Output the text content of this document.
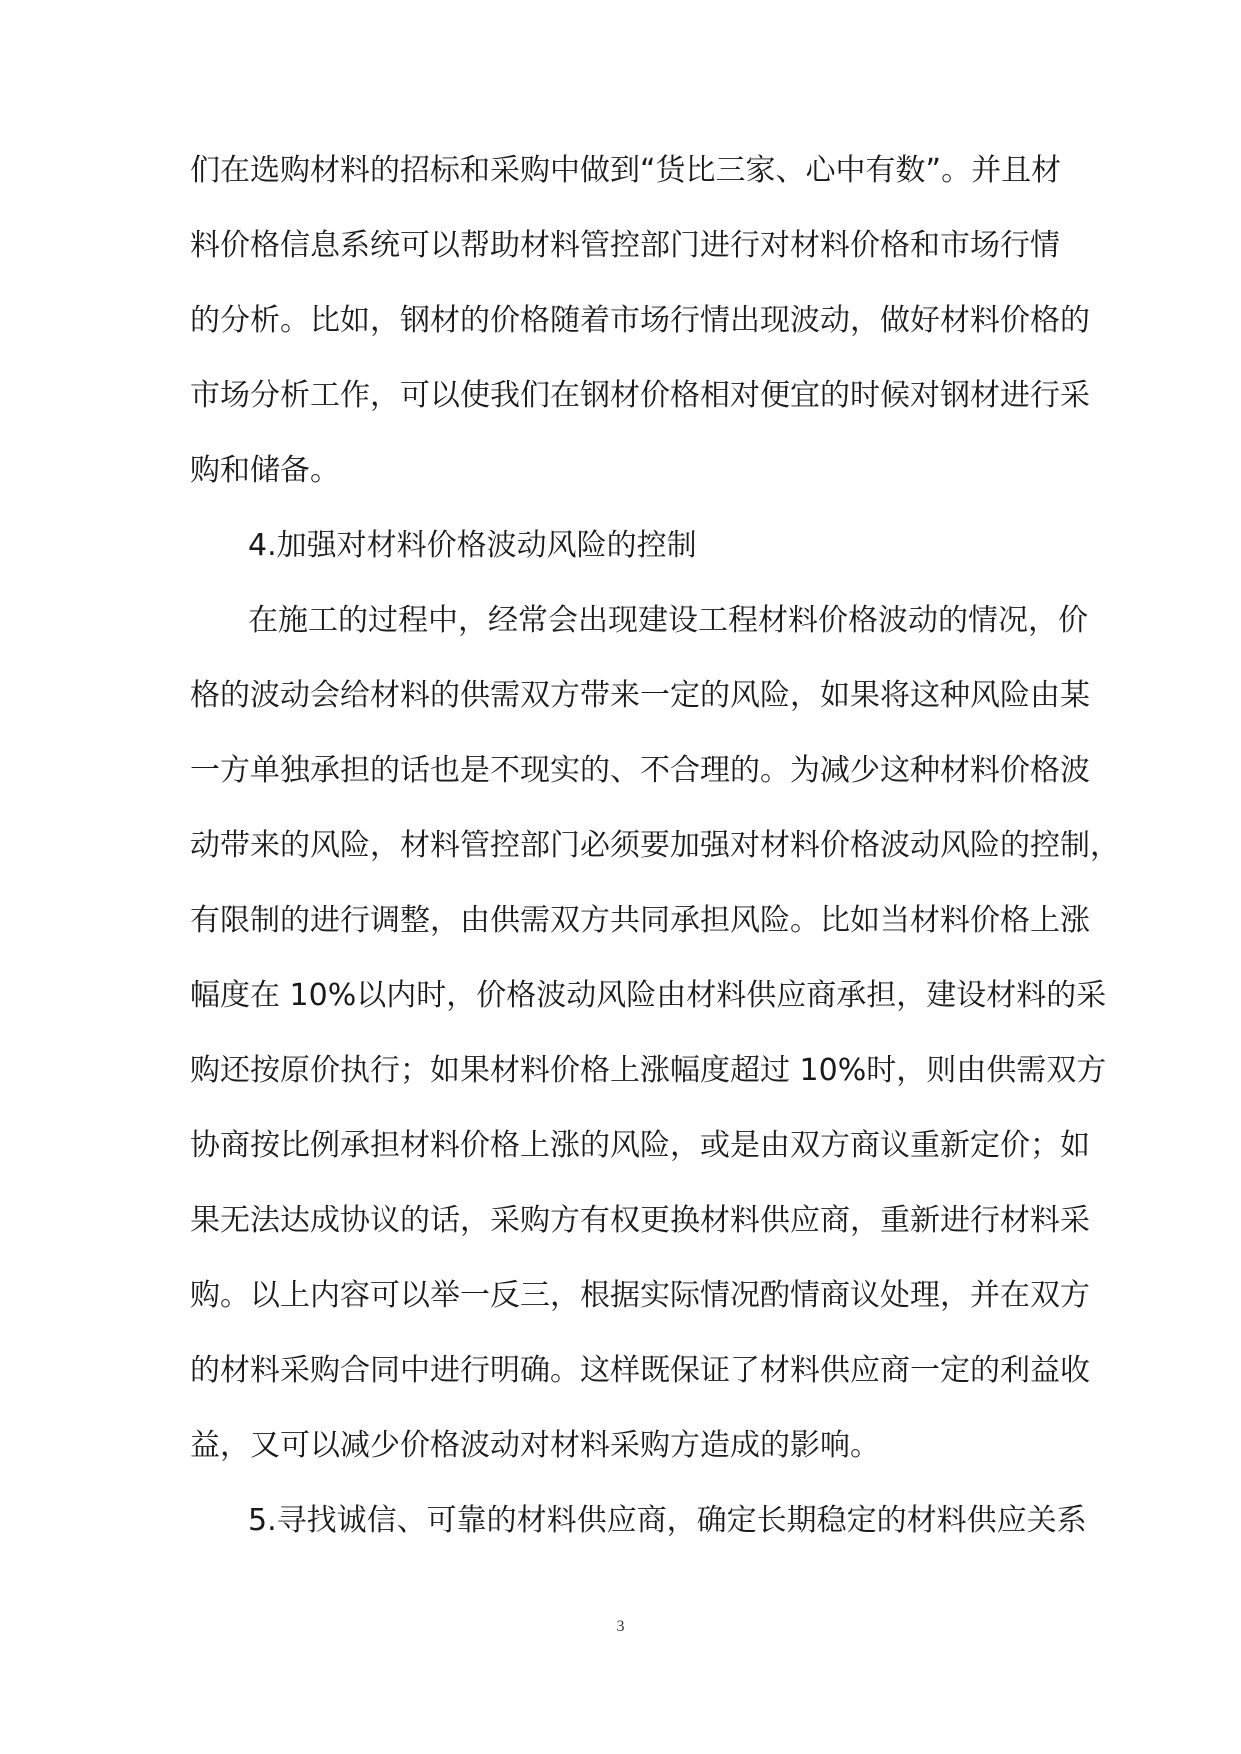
们在选购材料的招标和采购中做到“货比三家、心中有数”。并且材
料价格信息系统可以帮助材料管控部门进行对材料价格和市场行情
的分析。比如，钢材的价格随着市场行情出现波动，做好材料价格的
市场分析工作，可以使我们在钢材价格相对便宜的时候对钢材进行采
购和储备。
4.加强对材料价格波动风险的控制
在施工的过程中，经常会出现建设工程材料价格波动的情况，价
格的波动会给材料的供需双方带来一定的风险，如果将这种风险由某
一方单独承担的话也是不现实的、不合理的。为减少这种材料价格波
动带来的风险，材料管控部门必须要加强对材料价格波动风险的控制，
有限制的进行调整，由供需双方共同承担风险。比如当材料价格上涨
幅度在 10%以内时，价格波动风险由材料供应商承担，建设材料的采
购还按原价执行；如果材料价格上涨幅度超过 10%时，则由供需双方
协商按比例承担材料价格上涨的风险，或是由双方商议重新定价；如
果无法达成协议的话，采购方有权更换材料供应商，重新进行材料采
购。以上内容可以举一反三，根据实际情况酌情商议处理，并在双方
的材料采购合同中进行明确。这样既保证了材料供应商一定的利益收
益，又可以减少价格波动对材料采购方造成的影响。
5.寻找诚信、可靠的材料供应商，确定长期稳定的材料供应关系
3
